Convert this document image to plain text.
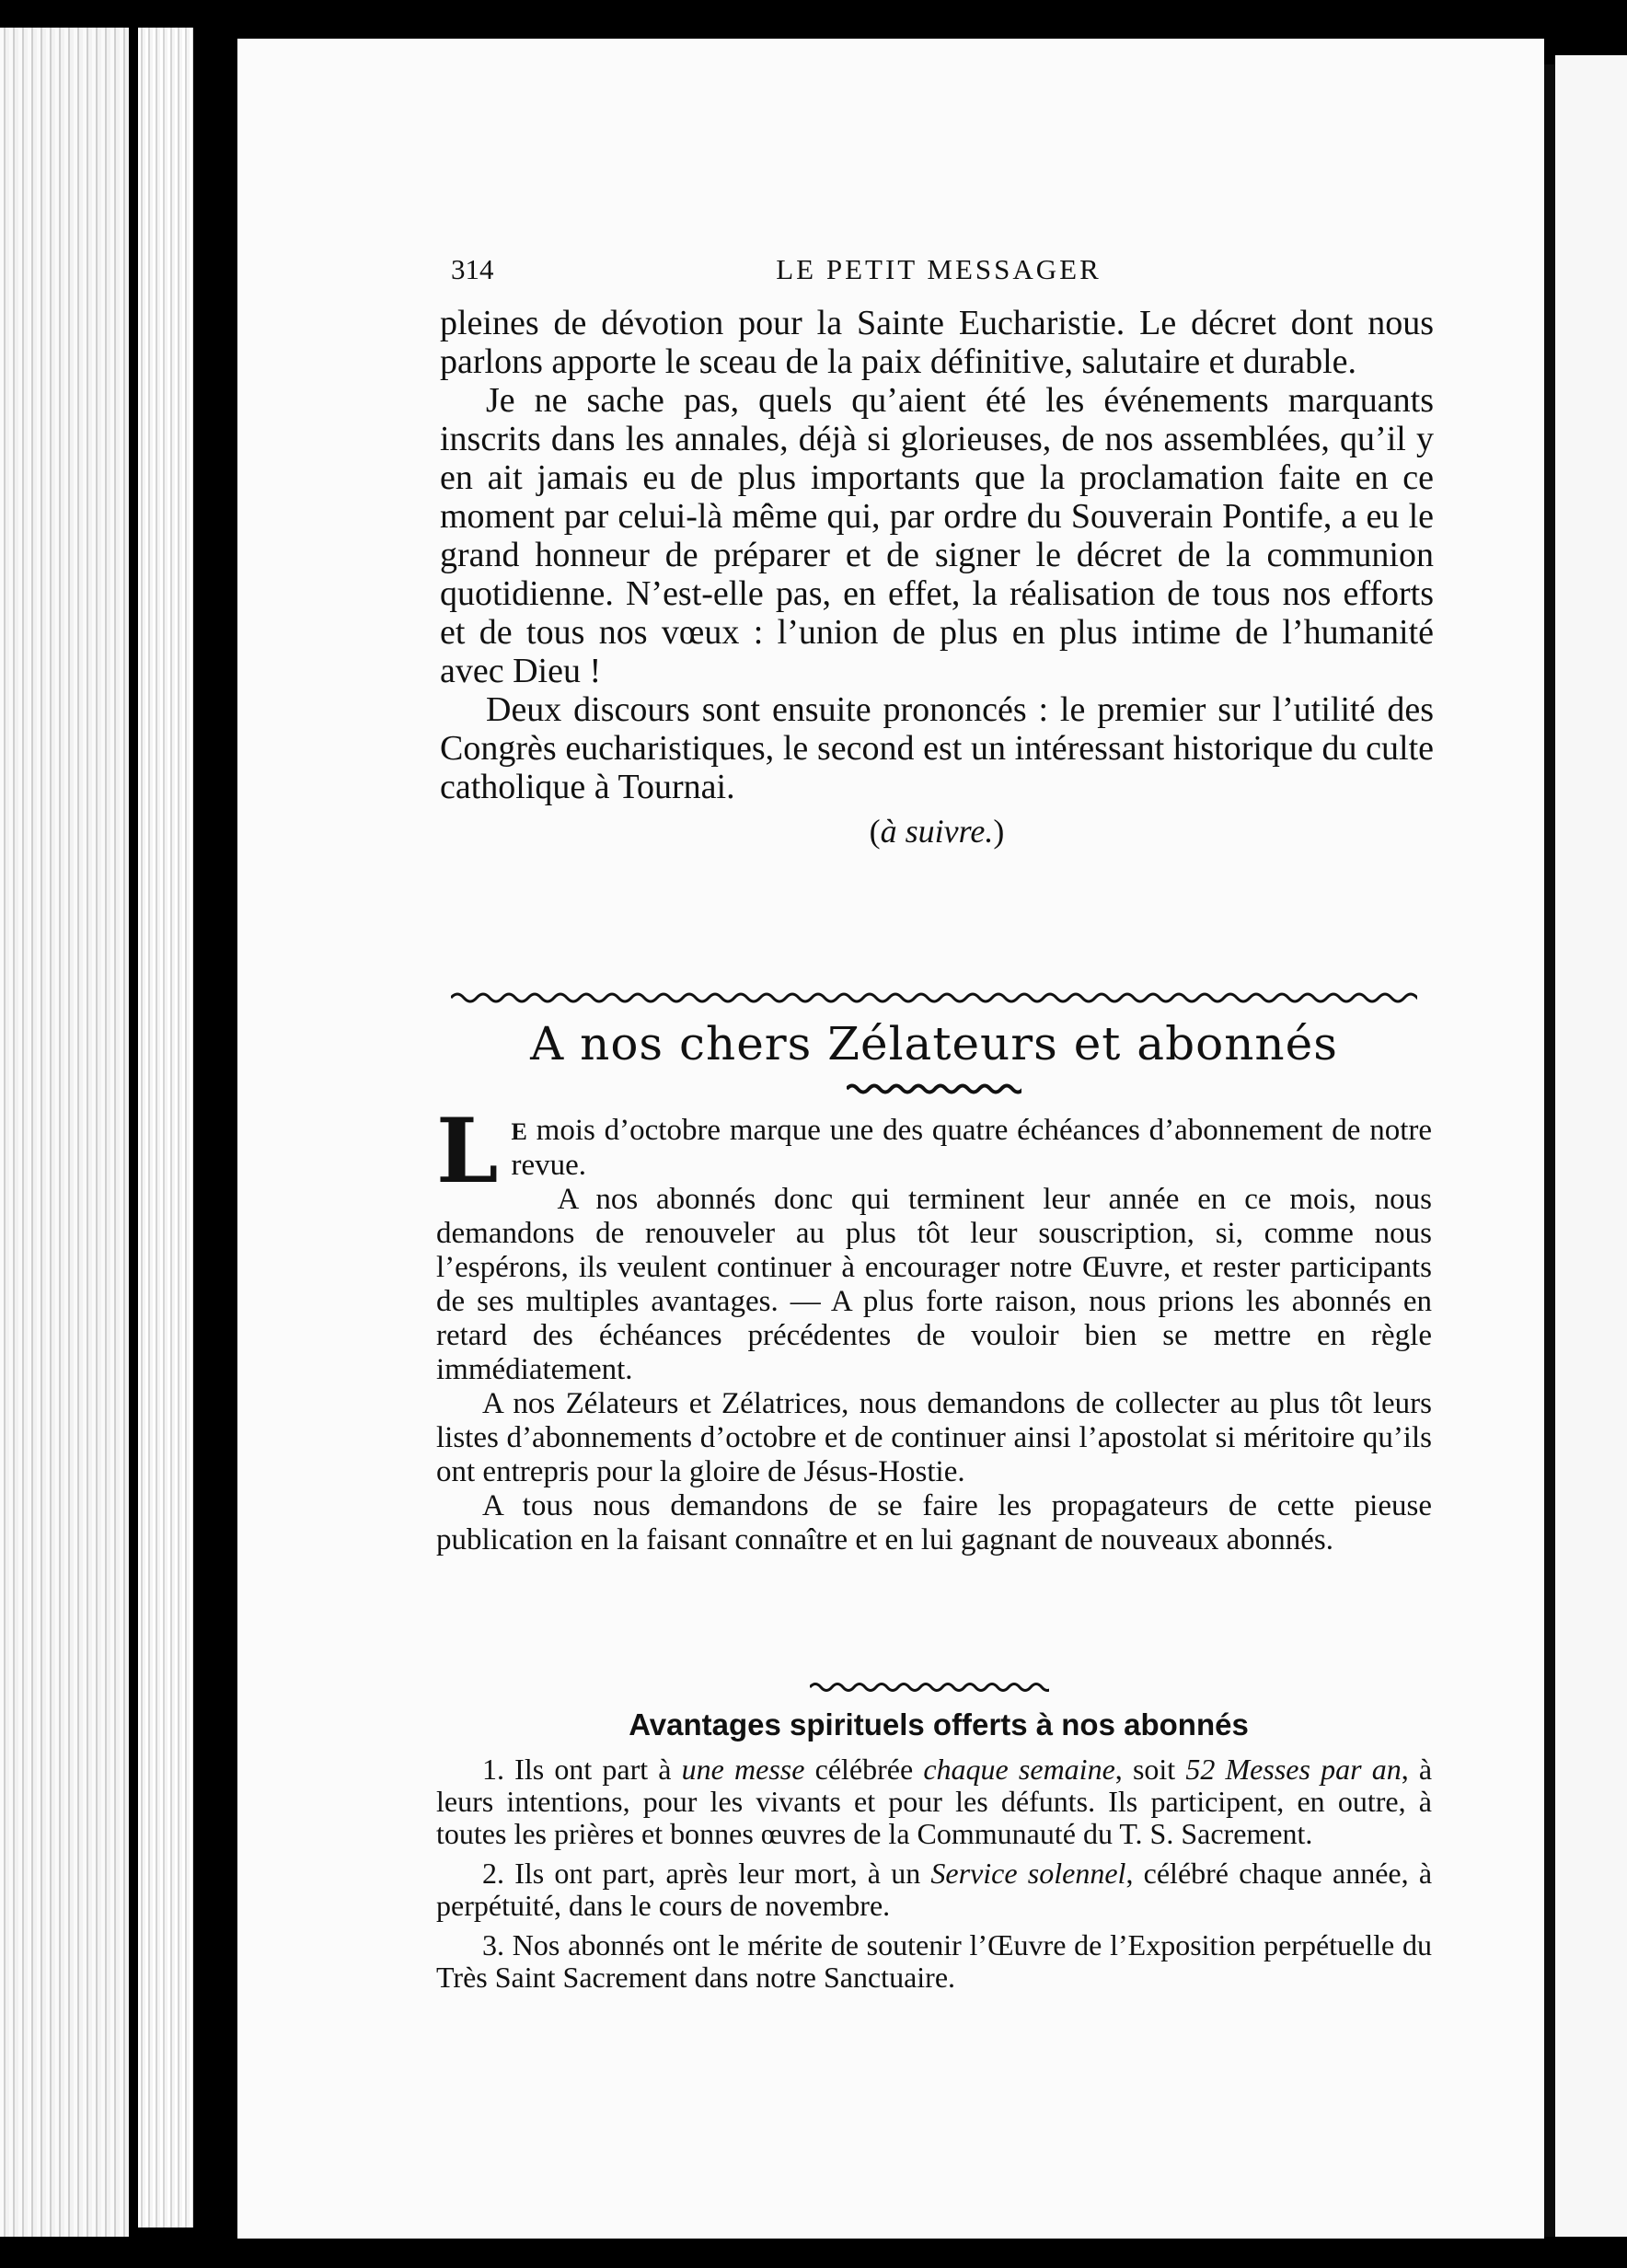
314	LE PETIT MESSAGER

pleines de dévotion pour la Sainte Eucharistie. Le décret dont nous parlons apporte le sceau de la paix définitive, salutaire et durable.

Je ne sache pas, quels qu’aient été les événements marquants inscrits dans les annales, déjà si glorieuses, de nos assemblées, qu’il y en ait jamais eu de plus importants que la proclamation faite en ce moment par celui-là même qui, par ordre du Souverain Pontife, a eu le grand honneur de préparer et de signer le décret de la communion quotidienne. N’est-elle pas, en effet, la réalisation de tous nos efforts et de tous nos vœux : l’union de plus en plus intime de l’humanité avec Dieu !

Deux discours sont ensuite prononcés : le premier sur l’utilité des Congrès eucharistiques, le second est un intéressant historique du culte catholique à Tournai.

(à suivre.)
A nos chers Zélateurs et abonnés

L E mois d’octobre marque une des quatre échéances d’abonnement de notre revue.

A nos abonnés donc qui terminent leur année en ce mois, nous demandons de renouveler au plus tôt leur souscription, si, comme nous l’espérons, ils veulent continuer à encourager notre Œuvre, et rester participants de ses multiples avantages. — A plus forte raison, nous prions les abonnés en retard des échéances précédentes de vouloir bien se mettre en règle immédiatement.

A nos Zélateurs et Zélatrices, nous demandons de collecter au plus tôt leurs listes d’abonnements d’octobre et de continuer ainsi l’apostolat si méritoire qu’ils ont entrepris pour la gloire de Jésus-Hostie.

A tous nous demandons de se faire les propagateurs de cette pieuse publication en la faisant connaître et en lui gagnant de nouveaux abonnés.

Avantages spirituels offerts à nos abonnés

1. Ils ont part à une messe célébrée chaque semaine, soit 52 Messes par an, à leurs intentions, pour les vivants et pour les défunts. Ils participent, en outre, à toutes les prières et bonnes œuvres de la Communauté du T. S. Sacrement.

2. Ils ont part, après leur mort, à un Service solennel, célébré chaque année, à perpétuité, dans le cours de novembre.

3. Nos abonnés ont le mérite de soutenir l’Œuvre de l’Exposition perpétuelle du Très Saint Sacrement dans notre Sanctuaire.
